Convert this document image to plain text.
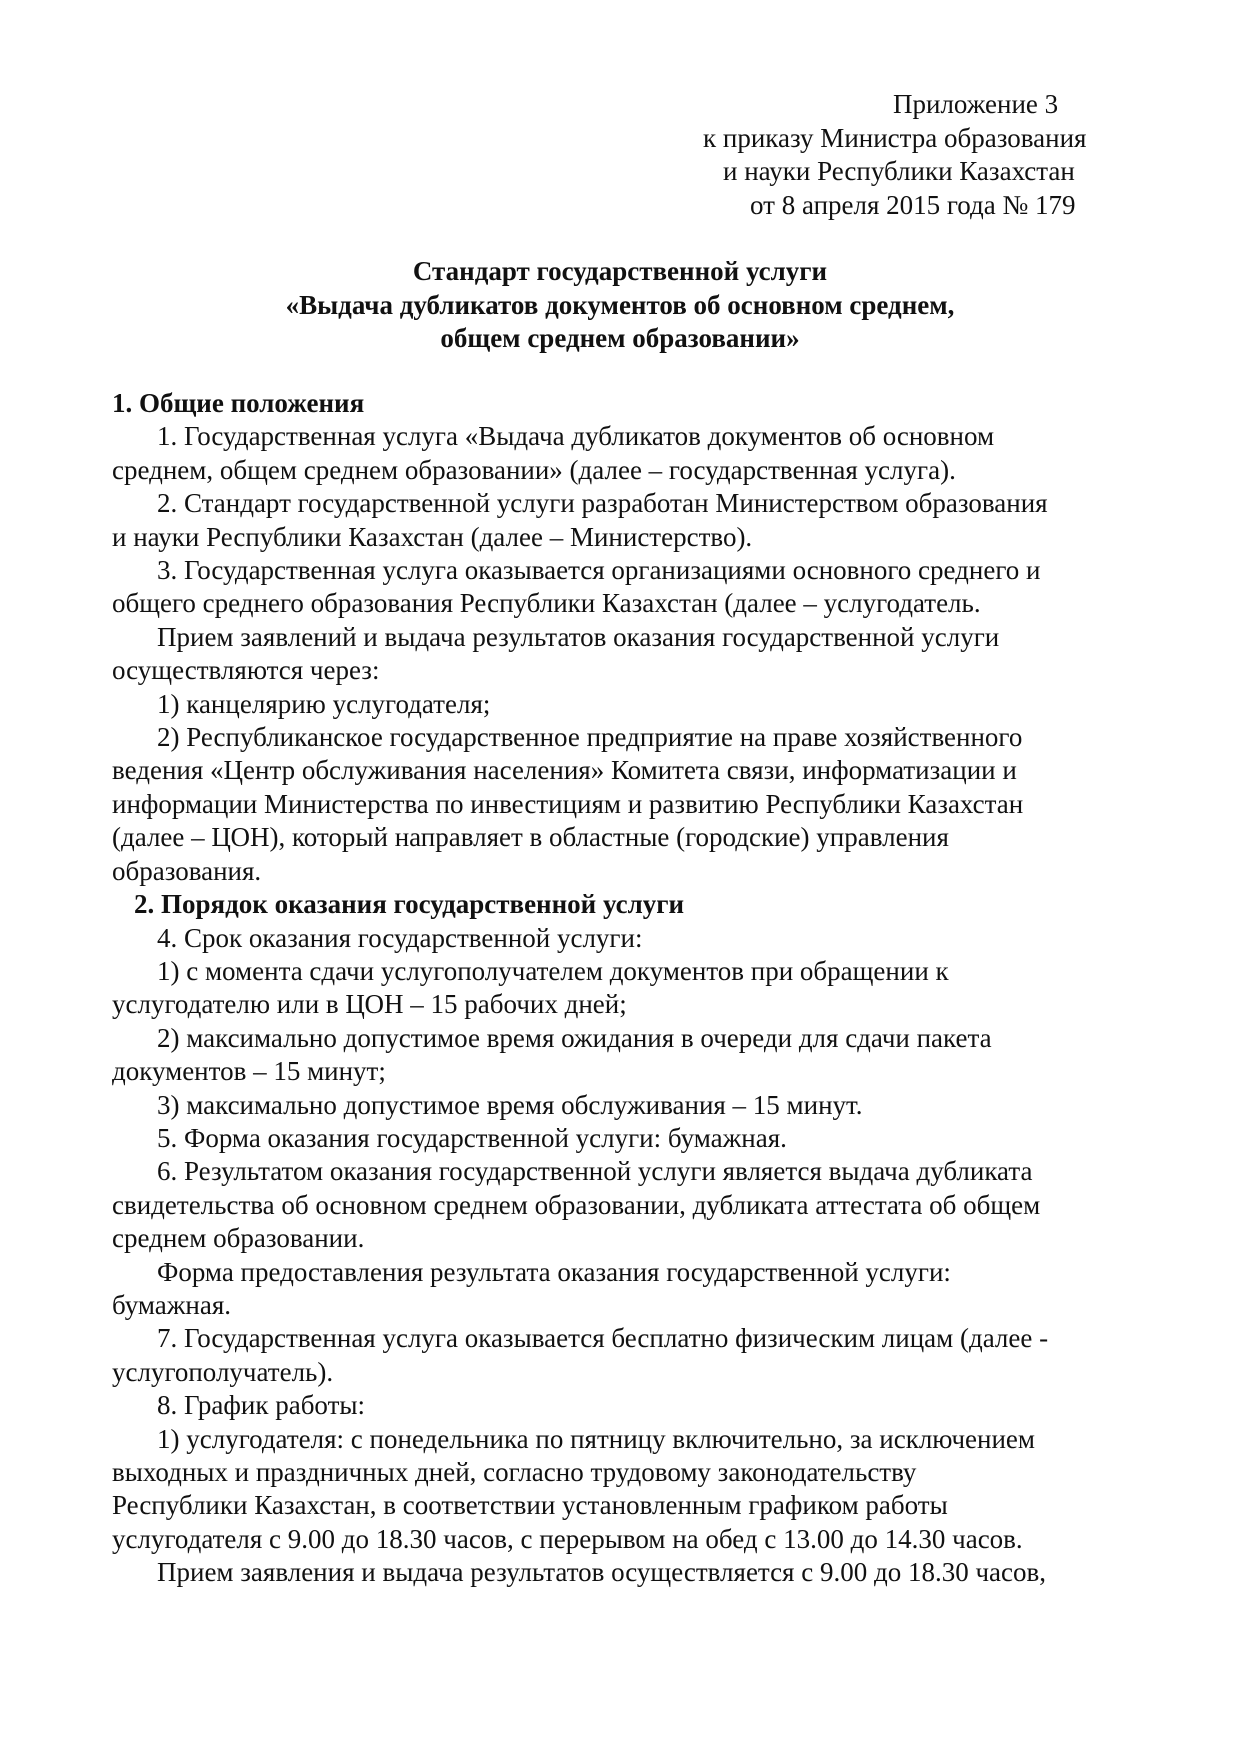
Приложение 3
к приказу Министра образования
и науки Республики Казахстан
от 8 апреля 2015 года № 179
Стандарт государственной услуги
«Выдача дубликатов документов об основном среднем,
общем среднем образовании»
1. Общие положения
1. Государственная услуга «Выдача дубликатов документов об основном
среднем, общем среднем образовании» (далее – государственная услуга).
2. Стандарт государственной услуги разработан Министерством образования
и науки Республики Казахстан (далее – Министерство).
3. Государственная услуга оказывается организациями основного среднего и
общего среднего образования Республики Казахстан (далее – услугодатель.
Прием заявлений и выдача результатов оказания государственной услуги
осуществляются через:
1) канцелярию услугодателя;
2) Республиканское государственное предприятие на праве хозяйственного
ведения «Центр обслуживания населения» Комитета связи, информатизации и
информации Министерства по инвестициям и развитию Республики Казахстан
(далее – ЦОН), который направляет в областные (городские) управления
образования.
2. Порядок оказания государственной услуги
4. Срок оказания государственной услуги:
1) с момента сдачи услугополучателем документов при обращении к
услугодателю или в ЦОН – 15 рабочих дней;
2) максимально допустимое время ожидания в очереди для сдачи пакета
документов – 15 минут;
3) максимально допустимое время обслуживания – 15 минут.
5. Форма оказания государственной услуги: бумажная.
6. Результатом оказания государственной услуги является выдача дубликата
свидетельства об основном среднем образовании, дубликата аттестата об общем
среднем образовании.
Форма предоставления результата оказания государственной услуги:
бумажная.
7. Государственная услуга оказывается бесплатно физическим лицам (далее -
услугополучатель).
8. График работы:
1) услугодателя: с понедельника по пятницу включительно, за исключением
выходных и праздничных дней, согласно трудовому законодательству
Республики Казахстан, в соответствии установленным графиком работы
услугодателя с 9.00 до 18.30 часов, с перерывом на обед с 13.00 до 14.30 часов.
Прием заявления и выдача результатов осуществляется с 9.00 до 18.30 часов,
